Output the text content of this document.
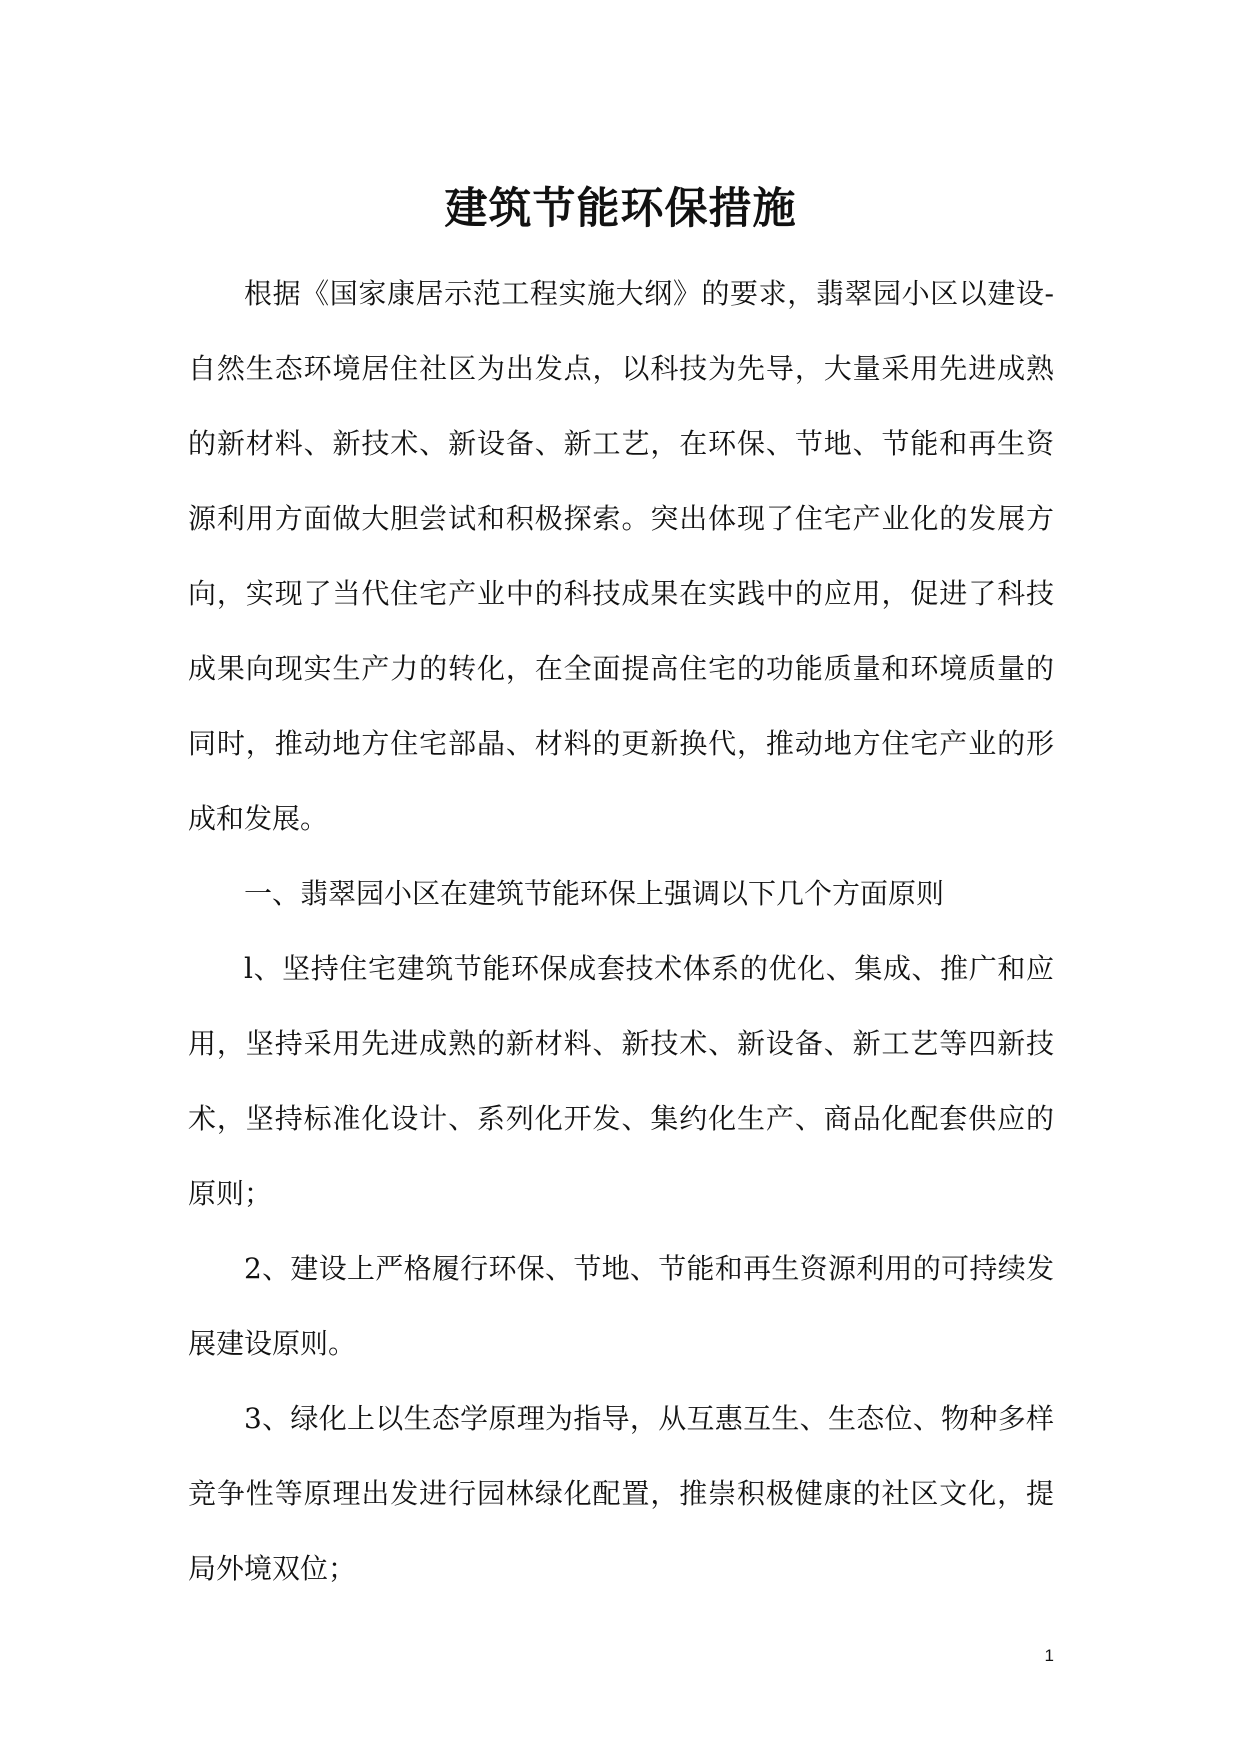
建筑节能环保措施

根据《国家康居示范工程实施大纲》的要求，翡翠园小区以建设-自然生态环境居住社区为出发点，以科技为先导，大量采用先进成熟的新材料、新技术、新设备、新工艺，在环保、节地、节能和再生资源利用方面做大胆尝试和积极探索。突出体现了住宅产业化的发展方向，实现了当代住宅产业中的科技成果在实践中的应用，促进了科技成果向现实生产力的转化，在全面提高住宅的功能质量和环境质量的同时，推动地方住宅部晶、材料的更新换代，推动地方住宅产业的形成和发展。

一、翡翠园小区在建筑节能环保上强调以下几个方面原则

l、坚持住宅建筑节能环保成套技术体系的优化、集成、推广和应用，坚持采用先进成熟的新材料、新技术、新设备、新工艺等四新技术，坚持标准化设计、系列化开发、集约化生产、商品化配套供应的原则；

2、建设上严格履行环保、节地、节能和再生资源利用的可持续发展建设原则。

3、绿化上以生态学原理为指导，从互惠互生、生态位、物种多样竞争性等原理出发进行园林绿化配置，推崇积极健康的社区文化，提局外境双位；

1
